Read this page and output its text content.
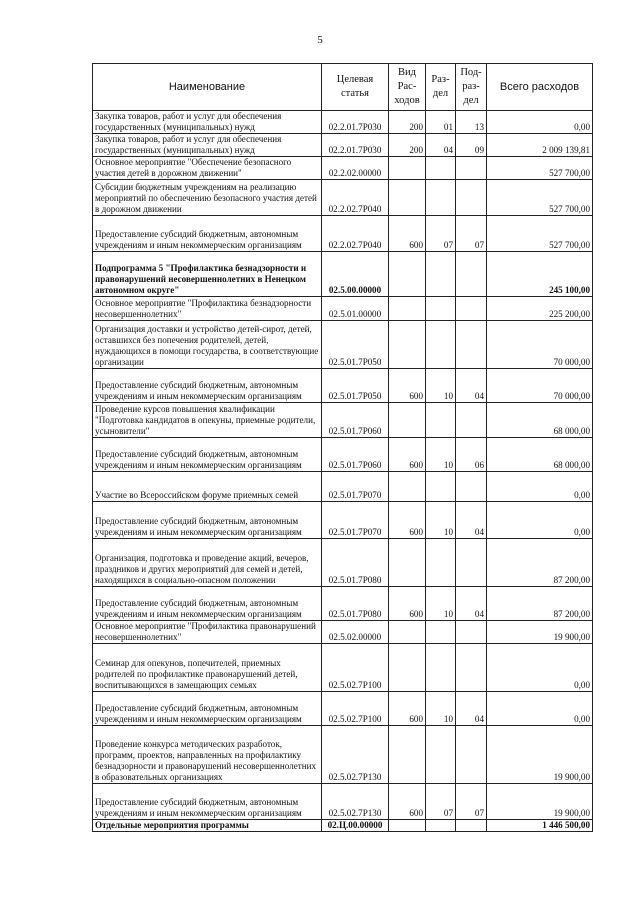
5
Наименование	Целевая статья	Вид Рас-ходов	Раз-дел	Под-раз-дел	Всего расходов
Закупка товаров, работ и услуг для обеспечения государственных (муниципальных) нужд	02.2.01.7Р030	200	01	13	0,00
Закупка товаров, работ и услуг для обеспечения государственных (муниципальных) нужд	02.2.01.7Р030	200	04	09	2 009 139,81
Основное мероприятие "Обеспечение безопасного участия детей в дорожном движении"	02.2.02.00000				527 700,00
Субсидии бюджетным учреждениям на реализацию мероприятий по обеспечению безопасного участия детей в дорожном движении	02.2.02.7Р040				527 700,00
Предоставление субсидий бюджетным, автономным учреждениям и иным некоммерческим организациям	02.2.02.7Р040	600	07	07	527 700,00
Подпрограмма 5 "Профилактика безнадзорности и правонарушений несовершеннолетних в Ненецком автономном округе"	02.5.00.00000				245 100,00
Основное мероприятие "Профилактика безнадзорности несовершеннолетних"	02.5.01.00000				225 200,00
Организация доставки и устройство детей-сирот, детей, оставшихся без попечения родителей, детей, нуждающихся в помощи государства, в соответствующие организации	02.5.01.7Р050				70 000,00
Предоставление субсидий бюджетным, автономным учреждениям и иным некоммерческим организациям	02.5.01.7Р050	600	10	04	70 000,00
Проведение курсов повышения квалификации "Подготовка кандидатов в опекуны, приемные родители, усыновители"	02.5.01.7Р060				68 000,00
Предоставление субсидий бюджетным, автономным учреждениям и иным некоммерческим организациям	02.5.01.7Р060	600	10	06	68 000,00
Участие во Всероссийском форуме приемных семей	02.5.01.7Р070				0,00
Предоставление субсидий бюджетным, автономным учреждениям и иным некоммерческим организациям	02.5.01.7Р070	600	10	04	0,00
Организация, подготовка и проведение акций, вечеров, праздников и других мероприятий для семей и детей, находящихся в социально-опасном положении	02.5.01.7Р080				87 200,00
Предоставление субсидий бюджетным, автономным учреждениям и иным некоммерческим организациям	02.5.01.7Р080	600	10	04	87 200,00
Основное мероприятие "Профилактика правонарушений несовершеннолетних"	02.5.02.00000				19 900,00
Семинар для опекунов, попечителей, приемных родителей по профилактике правонарушений детей, воспитывающихся в замещающих семьях	02.5.02.7Р100				0,00
Предоставление субсидий бюджетным, автономным учреждениям и иным некоммерческим организациям	02.5.02.7Р100	600	10	04	0,00
Проведение конкурса методических разработок, программ, проектов, направленных на профилактику безнадзорности и правонарушений несовершеннолетних в образовательных организациях	02.5.02.7Р130				19 900,00
Предоставление субсидий бюджетным, автономным учреждениям и иным некоммерческим организациям	02.5.02.7Р130	600	07	07	19 900,00
Отдельные мероприятия программы	02.Ц.00.00000				1 446 500,00
